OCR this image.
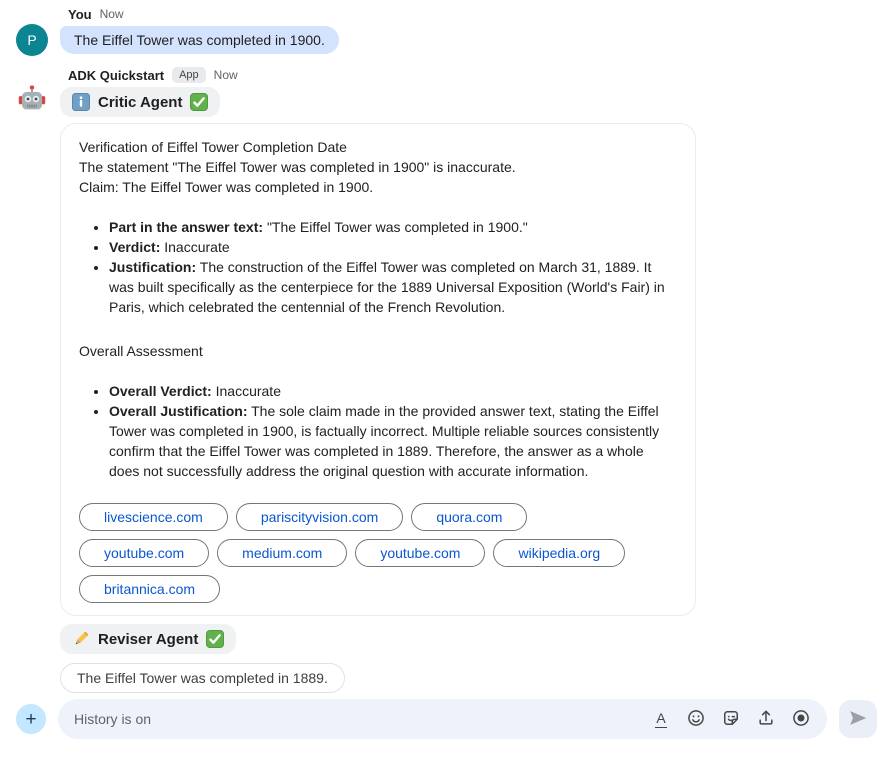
P
You Now
The Eiffel Tower was completed in 1900.
ADK Quickstart	App	Now
Critic Agent

Verification of Eiffel Tower Completion Date

The statement "The Eiffel Tower was completed in 1900" is inaccurate.

Claim: The Eiffel Tower was completed in 1900.

• Part in the answer text: "The Eiffel Tower was completed in 1900."
• Verdict: Inaccurate
• Justification: The construction of the Eiffel Tower was completed on March 31, 1889. It was built specifically as the centerpiece for the 1889 Universal Exposition (World's Fair) in Paris, which celebrated the centennial of the French Revolution.

Overall Assessment

• Overall Verdict: Inaccurate
• Overall Justification: The sole claim made in the provided answer text, stating the Eiffel Tower was completed in 1900, is factually incorrect. Multiple reliable sources consistently confirm that the Eiffel Tower was completed in 1889. Therefore, the answer as a whole does not successfully address the original question with accurate information.
livescience.com	pariscityvision.com	quora.com
youtube.com	medium.com	youtube.com	wikipedia.org
britannica.com
Reviser Agent
The Eiffel Tower was completed in 1889.
+
History is on	A
